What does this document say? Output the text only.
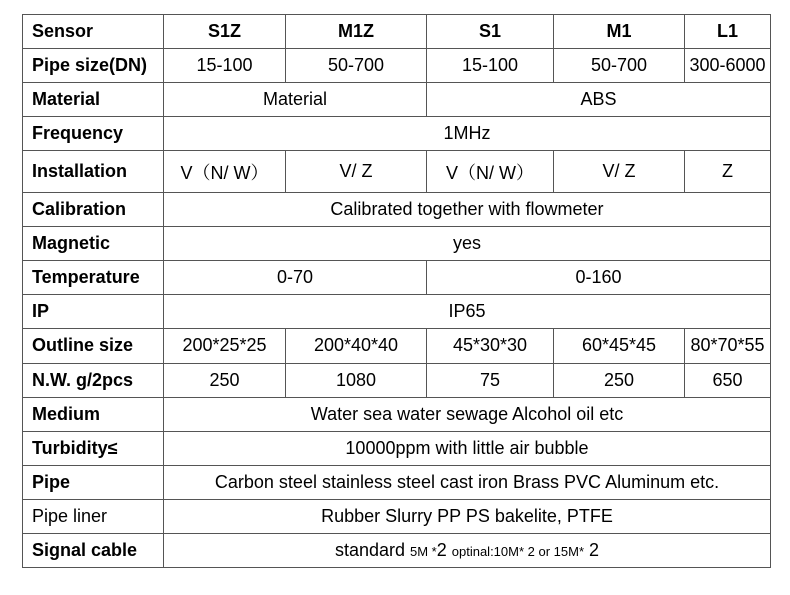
Sensor	S1Z	M1Z	S1	M1	L1
Pipe size(DN)	15-100	50-700	15-100	50-700	300-6000
Material	Material		ABS		
Frequency	1MHz				
Installation	V（N/ W）	V/ Z	V（N/ W）	V/ Z	Z
Calibration	Calibrated together with flowmeter				
Magnetic	yes				
Temperature	0-70		0-160		
IP	IP65				
Outline size	200*25*25	200*40*40	45*30*30	60*45*45	80*70*55
N.W. g/2pcs	250	1080	75	250	650
Medium	Water sea water sewage Alcohol oil etc				
Turbidity≤	10000ppm with little air bubble				
Pipe	Carbon steel stainless steel cast iron Brass PVC Aluminum etc.				
Pipe liner	Rubber Slurry PP PS bakelite, PTFE				
Signal cable	standard 5M *2 optinal:10M* 2 or 15M* 2				
